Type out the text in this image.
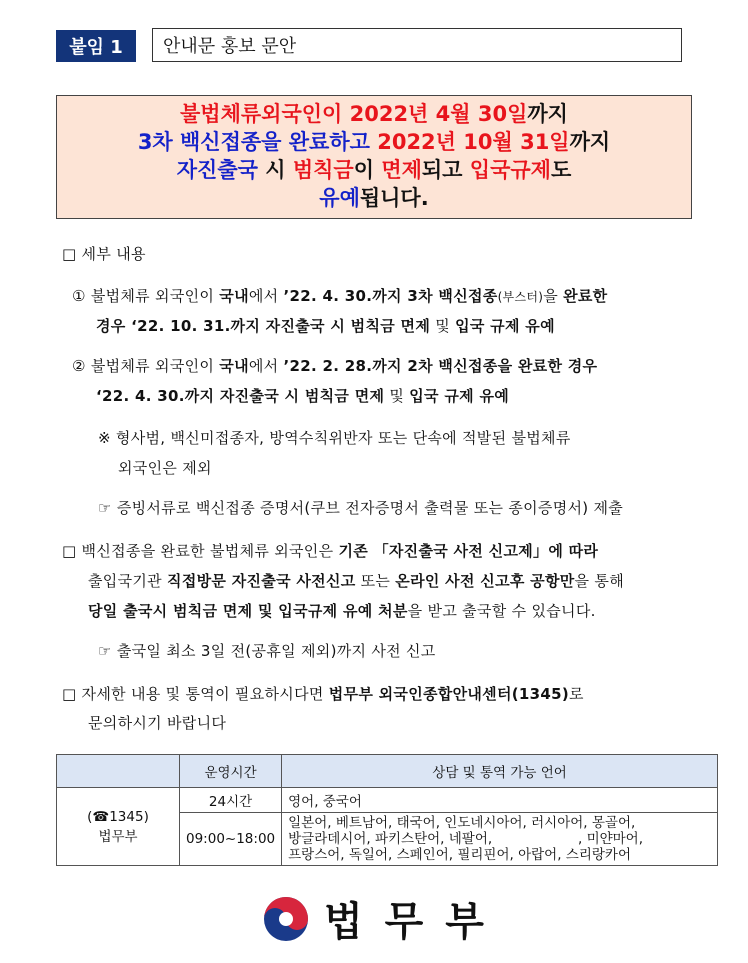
붙임 1	안내문 홍보 문안
불법체류외국인이 2022년 4월 30일까지
3차 백신접종을 완료하고 2022년 10월 31일까지
자진출국 시 범칙금이 면제되고 입국규제도
유예됩니다.
□ 세부 내용
① 불법체류 외국인이 국내에서 ’22. 4. 30.까지 3차 백신접종(부스터)을 완료한
경우 ‘22. 10. 31.까지 자진출국 시 범칙금 면제 및 입국 규제 유예
② 불법체류 외국인이 국내에서 ’22. 2. 28.까지 2차 백신접종을 완료한 경우
‘22. 4. 30.까지 자진출국 시 범칙금 면제 및 입국 규제 유예
※ 형사범, 백신미접종자, 방역수칙위반자 또는 단속에 적발된 불법체류
외국인은 제외
☞ 증빙서류로 백신접종 증명서(쿠브 전자증명서 출력물 또는 종이증명서) 제출
□ 백신접종을 완료한 불법체류 외국인은 기존 「자진출국 사전 신고제」에 따라
출입국기관 직접방문 자진출국 사전신고 또는 온라인 사전 신고후 공항만을 통해
당일 출국시 범칙금 면제 및 입국규제 유예 처분을 받고 출국할 수 있습니다.
☞ 출국일 최소 3일 전(공휴일 제외)까지 사전 신고
□ 자세한 내용 및 통역이 필요하시다면 법무부 외국인종합안내센터(1345)로
문의하시기 바랍니다
	운영시간	상담 및 통역 가능 언어

(☎1345)
법무부	24시간	영어, 중국어
	09:00~18:00	일본어, 베트남어, 태국어, 인도네시아어, 러시아어, 몽골어,
방글라데시어, 파키스탄어, 네팔어,                    , 미얀마어,
프랑스어, 독일어, 스페인어, 필리핀어, 아랍어, 스리랑카어
법무부
